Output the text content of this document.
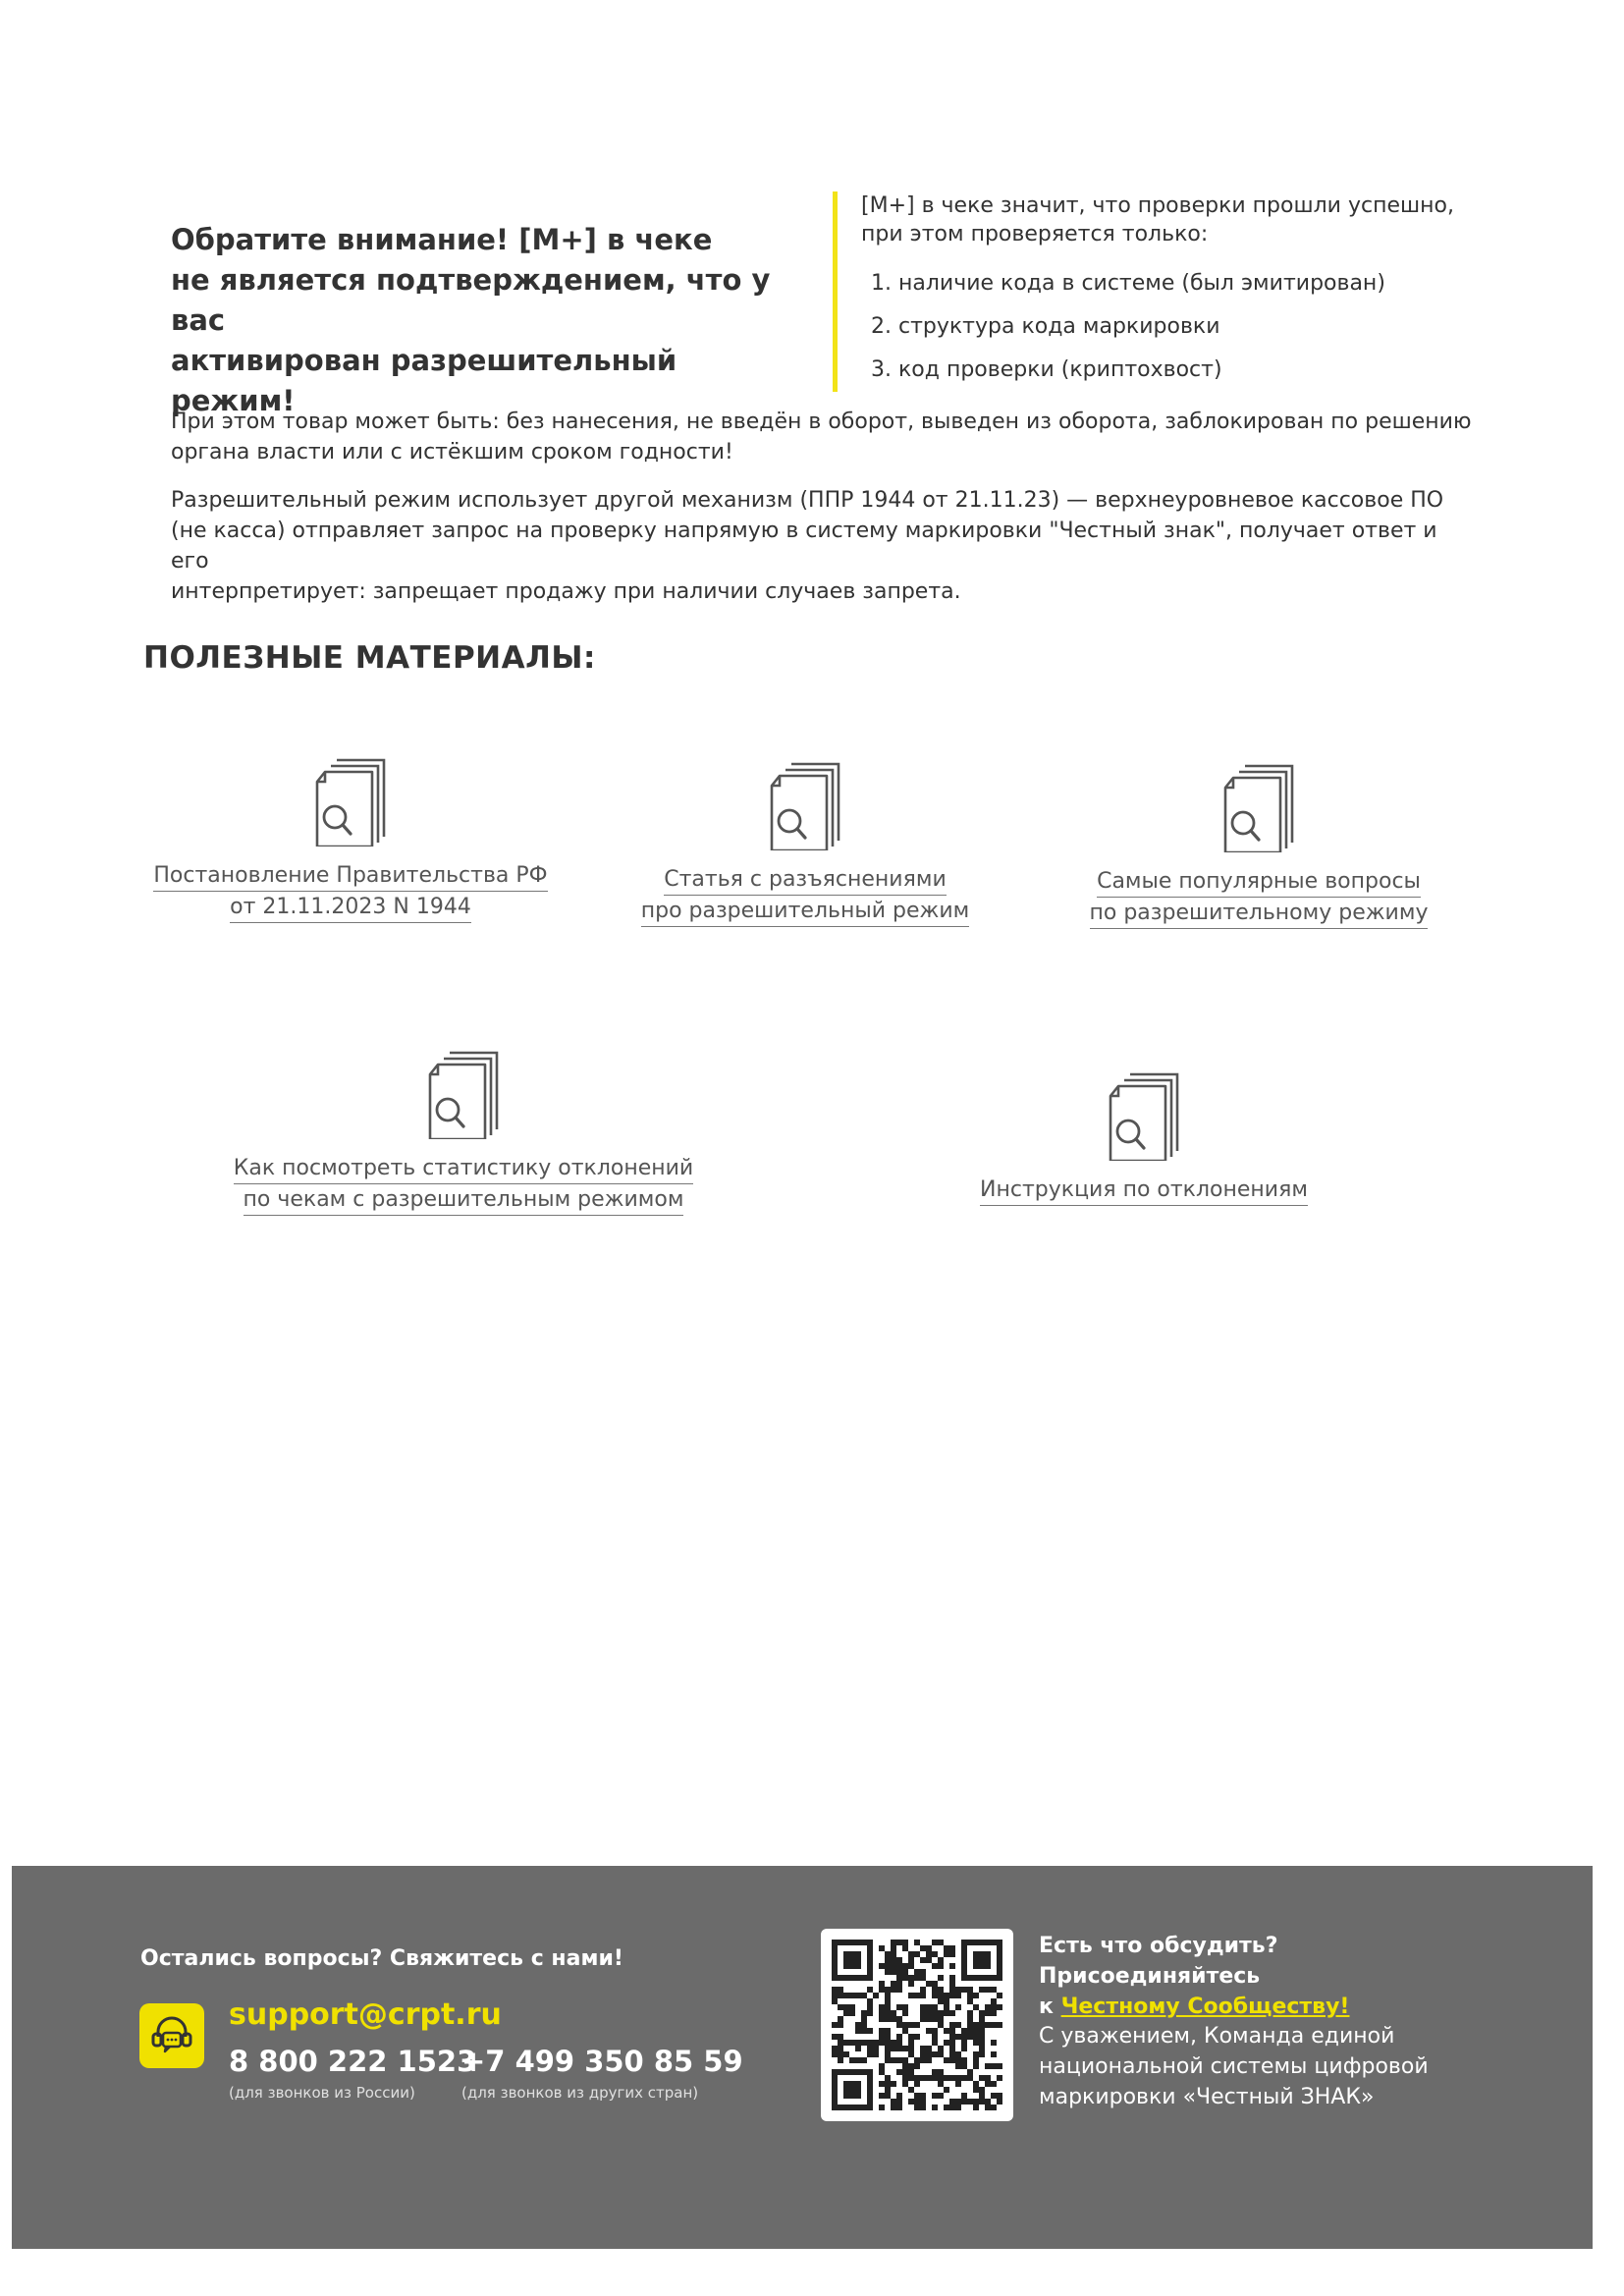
Обратите внимание! [M+] в чеке
не является подтверждением, что у вас
активирован разрешительный режим!
[M+] в чеке значит, что проверки прошли успешно,
при этом проверяется только:
1. наличие кода в системе (был эмитирован)
2. структура кода маркировки
3. код проверки (криптохвост)

При этом товар может быть: без нанесения, не введён в оборот, выведен из оборота, заблокирован по решению
органа власти или с истёкшим сроком годности!

Разрешительный режим использует другой механизм (ППР 1944 от 21.11.23) — верхнеуровневое кассовое ПО
(не касса) отправляет запрос на проверку напрямую в систему маркировки "Честный знак", получает ответ и его
интерпретирует: запрещает продажу при наличии случаев запрета.

ПОЛЕЗНЫЕ МАТЕРИАЛЫ:
Постановление Правительства РФ
от 21.11.2023 N 1944
Статья с разъяснениями
про разрешительный режим
Самые популярные вопросы
по разрешительному режиму
Как посмотреть статистику отклонений
по чекам с разрешительным режимом	Инструкция по отклонениям
Остались вопросы? Свяжитесь с нами!
support@crpt.ru
8 800 222 1523
+7 499 350 85 59
(для звонков из России)	(для звонков из других стран)
Есть что обсудить? Присоединяйтесь
к Честному Сообществу!
С уважением, Команда единой
национальной системы цифровой
маркировки «Честный ЗНАК»
